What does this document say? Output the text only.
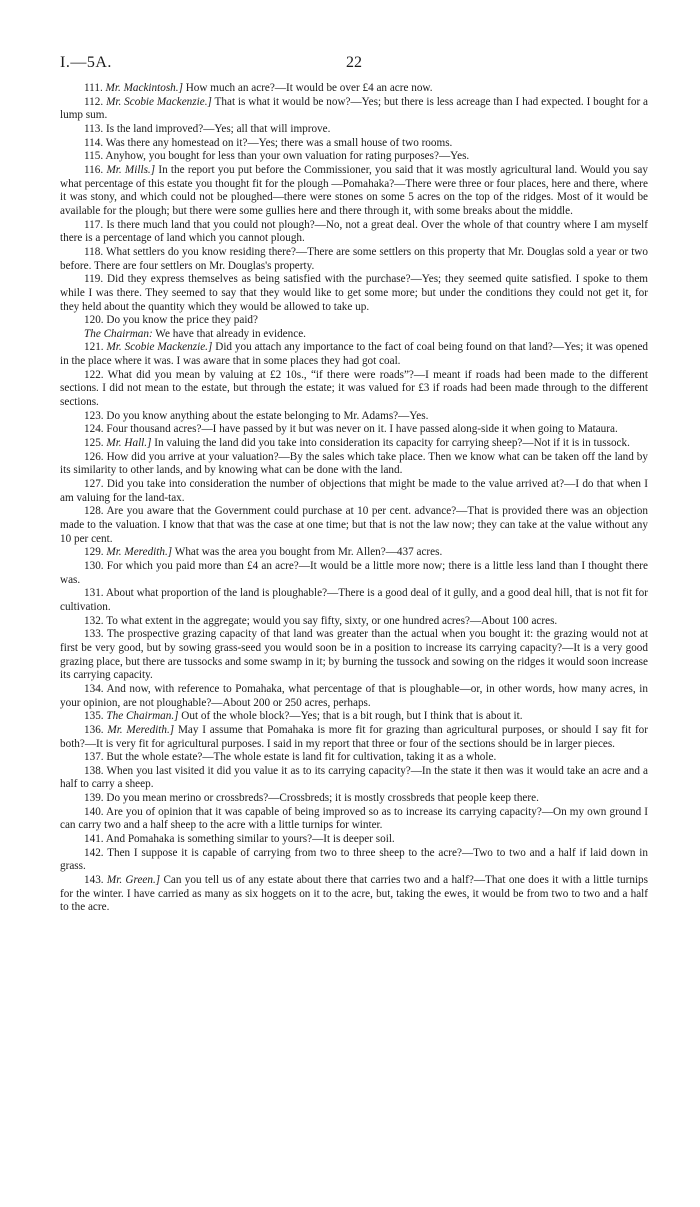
I.—5A.	22

111. Mr. Mackintosh.] How much an acre?—It would be over £4 an acre now.

112. Mr. Scobie Mackenzie.] That is what it would be now?—Yes; but there is less acreage than I had expected. I bought for a lump sum.

113. Is the land improved?—Yes; all that will improve.

114. Was there any homestead on it?—Yes; there was a small house of two rooms.

115. Anyhow, you bought for less than your own valuation for rating purposes?—Yes.

116. Mr. Mills.] In the report you put before the Commissioner, you said that it was mostly agricultural land. Would you say what percentage of this estate you thought fit for the plough —Pomahaka?—There were three or four places, here and there, where it was stony, and which could not be ploughed—there were stones on some 5 acres on the top of the ridges. Most of it would be available for the plough; but there were some gullies here and there through it, with some breaks about the middle.

117. Is there much land that you could not plough?—No, not a great deal. Over the whole of that country where I am myself there is a percentage of land which you cannot plough.

118. What settlers do you know residing there?—There are some settlers on this property that Mr. Douglas sold a year or two before. There are four settlers on Mr. Douglas's property.

119. Did they express themselves as being satisfied with the purchase?—Yes; they seemed quite satisfied. I spoke to them while I was there. They seemed to say that they would like to get some more; but under the conditions they could not get it, for they held about the quantity which they would be allowed to take up.

120. Do you know the price they paid?

The Chairman: We have that already in evidence.

121. Mr. Scobie Mackenzie.] Did you attach any importance to the fact of coal being found on that land?—Yes; it was opened in the place where it was. I was aware that in some places they had got coal.

122. What did you mean by valuing at £2 10s., “if there were roads”?—I meant if roads had been made to the different sections. I did not mean to the estate, but through the estate; it was valued for £3 if roads had been made through to the different sections.

123. Do you know anything about the estate belonging to Mr. Adams?—Yes.

124. Four thousand acres?—I have passed by it but was never on it. I have passed along-side it when going to Mataura.

125. Mr. Hall.] In valuing the land did you take into consideration its capacity for carrying sheep?—Not if it is in tussock.

126. How did you arrive at your valuation?—By the sales which take place. Then we know what can be taken off the land by its similarity to other lands, and by knowing what can be done with the land.

127. Did you take into consideration the number of objections that might be made to the value arrived at?—I do that when I am valuing for the land-tax.

128. Are you aware that the Government could purchase at 10 per cent. advance?—That is provided there was an objection made to the valuation. I know that that was the case at one time; but that is not the law now; they can take at the value without any 10 per cent.

129. Mr. Meredith.] What was the area you bought from Mr. Allen?—437 acres.

130. For which you paid more than £4 an acre?—It would be a little more now; there is a little less land than I thought there was.

131. About what proportion of the land is ploughable?—There is a good deal of it gully, and a good deal hill, that is not fit for cultivation.

132. To what extent in the aggregate; would you say fifty, sixty, or one hundred acres?—About 100 acres.

133. The prospective grazing capacity of that land was greater than the actual when you bought it: the grazing would not at first be very good, but by sowing grass-seed you would soon be in a position to increase its carrying capacity?—It is a very good grazing place, but there are tussocks and some swamp in it; by burning the tussock and sowing on the ridges it would soon increase its carrying capacity.

134. And now, with reference to Pomahaka, what percentage of that is ploughable—or, in other words, how many acres, in your opinion, are not ploughable?—About 200 or 250 acres, perhaps.

135. The Chairman.] Out of the whole block?—Yes; that is a bit rough, but I think that is about it.

136. Mr. Meredith.] May I assume that Pomahaka is more fit for grazing than agricultural purposes, or should I say fit for both?—It is very fit for agricultural purposes. I said in my report that three or four of the sections should be in larger pieces.

137. But the whole estate?—The whole estate is land fit for cultivation, taking it as a whole.

138. When you last visited it did you value it as to its carrying capacity?—In the state it then was it would take an acre and a half to carry a sheep.

139. Do you mean merino or crossbreds?—Crossbreds; it is mostly crossbreds that people keep there.

140. Are you of opinion that it was capable of being improved so as to increase its carrying capacity?—On my own ground I can carry two and a half sheep to the acre with a little turnips for winter.

141. And Pomahaka is something similar to yours?—It is deeper soil.

142. Then I suppose it is capable of carrying from two to three sheep to the acre?—Two to two and a half if laid down in grass.

143. Mr. Green.] Can you tell us of any estate about there that carries two and a half?—That one does it with a little turnips for the winter. I have carried as many as six hoggets on it to the acre, but, taking the ewes, it would be from two to two and a half to the acre.
